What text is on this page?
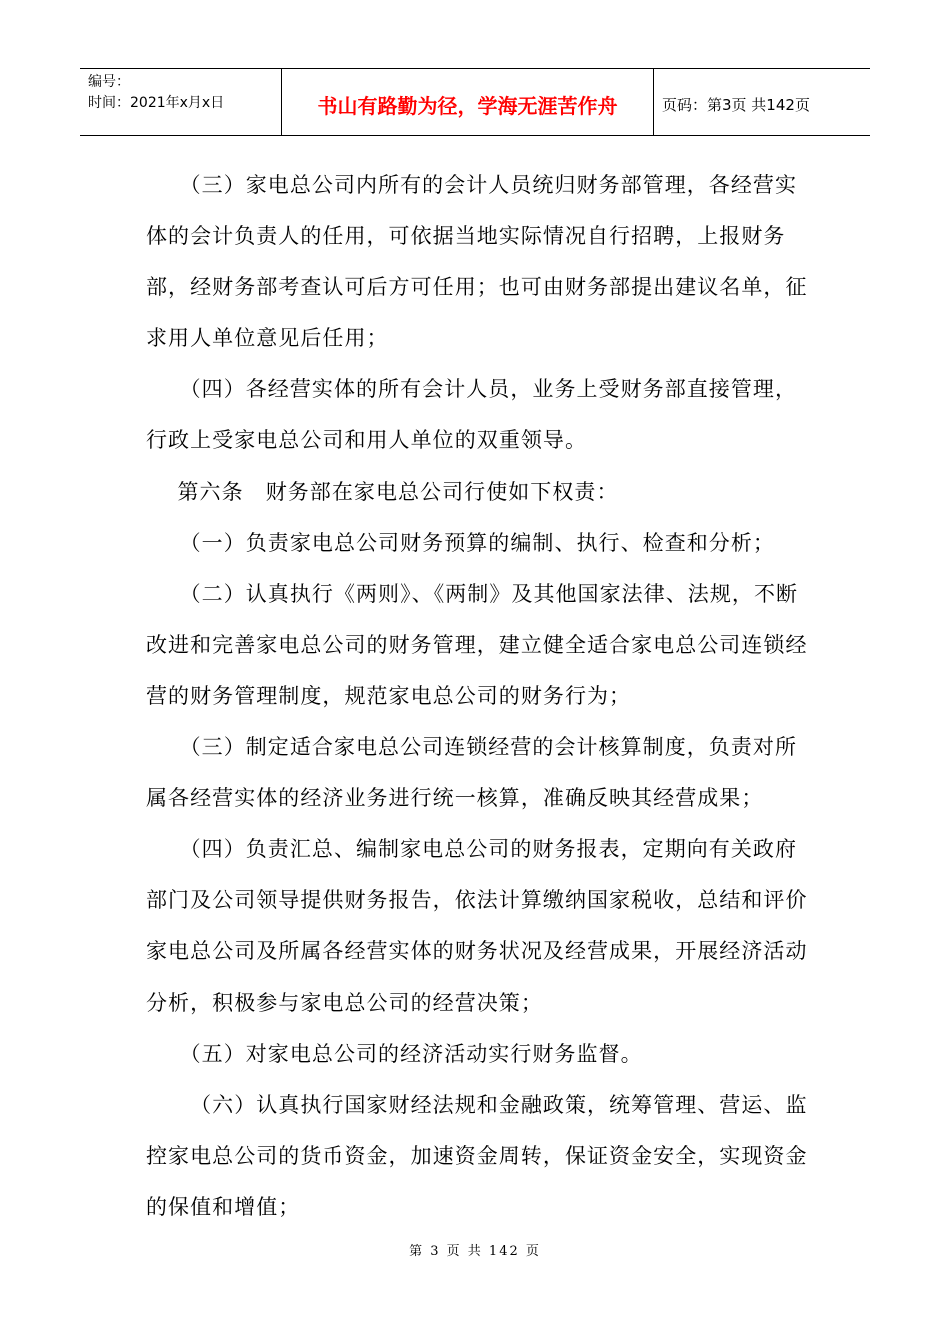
编号：
时间：2021年x月x日	书山有路勤为径，学海无涯苦作舟	页码：第3页 共142页

（三）家电总公司内所有的会计人员统归财务部管理，各经营实体的会计负责人的任用，可依据当地实际情况自行招聘，上报财务部，经财务部考查认可后方可任用；也可由财务部提出建议名单，征求用人单位意见后任用；

（四）各经营实体的所有会计人员，业务上受财务部直接管理，行政上受家电总公司和用人单位的双重领导。

第六条　财务部在家电总公司行使如下权责：

（一）负责家电总公司财务预算的编制、执行、检查和分析；

（二）认真执行《两则》、《两制》及其他国家法律、法规，不断改进和完善家电总公司的财务管理，建立健全适合家电总公司连锁经营的财务管理制度，规范家电总公司的财务行为；

（三）制定适合家电总公司连锁经营的会计核算制度，负责对所属各经营实体的经济业务进行统一核算，准确反映其经营成果；

（四）负责汇总、编制家电总公司的财务报表，定期向有关政府部门及公司领导提供财务报告，依法计算缴纳国家税收，总结和评价家电总公司及所属各经营实体的财务状况及经营成果，开展经济活动分析，积极参与家电总公司的经营决策；

（五）对家电总公司的经济活动实行财务监督。

（六）认真执行国家财经法规和金融政策，统筹管理、营运、监控家电总公司的货币资金，加速资金周转，保证资金安全，实现资金的保值和增值；

第 3 页 共 142 页
